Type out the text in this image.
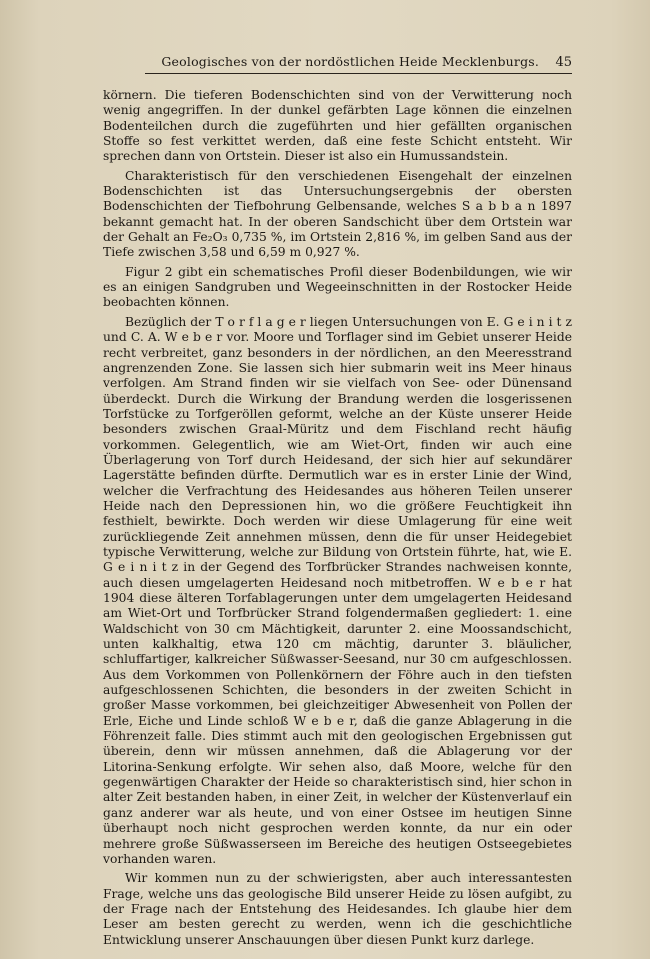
Geologisches von der nordöstlichen Heide Mecklenburgs.	45

körnern. Die tieferen Bodenschichten sind von der Verwitterung noch wenig angegriffen. In der dunkel gefärbten Lage können die einzelnen Bodenteilchen durch die zugeführten und hier gefällten organischen Stoffe so fest verkittet werden, daß eine feste Schicht entsteht. Wir sprechen dann von Ortstein. Dieser ist also ein Humussandstein.

Charakteristisch für den verschiedenen Eisengehalt der einzelnen Bodenschichten ist das Untersuchungsergebnis der obersten Bodenschichten der Tiefbohrung Gelbensande, welches S a b b a n 1897 bekannt gemacht hat. In der oberen Sandschicht über dem Ortstein war der Gehalt an Fe₂O₃ 0,735 %, im Ortstein 2,816 %, im gelben Sand aus der Tiefe zwischen 3,58 und 6,59 m 0,927 %.

Figur 2 gibt ein schematisches Profil dieser Bodenbildungen, wie wir es an einigen Sandgruben und Wegeeinschnitten in der Rostocker Heide beobachten können.

Bezüglich der T o r f l a g e r liegen Untersuchungen von E. G e i n i t z und C. A. W e b e r vor. Moore und Torflager sind im Gebiet unserer Heide recht verbreitet, ganz besonders in der nördlichen, an den Meeresstrand angrenzenden Zone. Sie lassen sich hier submarin weit ins Meer hinaus verfolgen. Am Strand finden wir sie vielfach von See- oder Dünensand überdeckt. Durch die Wirkung der Brandung werden die losgerissenen Torfstücke zu Torfgeröllen geformt, welche an der Küste unserer Heide besonders zwischen Graal-Müritz und dem Fischland recht häufig vorkommen. Gelegentlich, wie am Wiet-Ort, finden wir auch eine Überlagerung von Torf durch Heidesand, der sich hier auf sekundärer Lagerstätte befinden dürfte. Dermutlich war es in erster Linie der Wind, welcher die Verfrachtung des Heidesandes aus höheren Teilen unserer Heide nach den Depressionen hin, wo die größere Feuchtigkeit ihn festhielt, bewirkte. Doch werden wir diese Umlagerung für eine weit zurückliegende Zeit annehmen müssen, denn die für unser Heidegebiet typische Verwitterung, welche zur Bildung von Ortstein führte, hat, wie E. G e i n i t z in der Gegend des Torfbrücker Strandes nachweisen konnte, auch diesen umgelagerten Heidesand noch mitbetroffen. W e b e r hat 1904 diese älteren Torfablagerungen unter dem umgelagerten Heidesand am Wiet-Ort und Torfbrücker Strand folgendermaßen gegliedert: 1. eine Waldschicht von 30 cm Mächtigkeit, darunter 2. eine Moossandschicht, unten kalkhaltig, etwa 120 cm mächtig, darunter 3. bläulicher, schluffartiger, kalkreicher Süßwasser-Seesand, nur 30 cm aufgeschlossen. Aus dem Vorkommen von Pollenkörnern der Föhre auch in den tiefsten aufgeschlossenen Schichten, die besonders in der zweiten Schicht in großer Masse vorkommen, bei gleichzeitiger Abwesenheit von Pollen der Erle, Eiche und Linde schloß W e b e r, daß die ganze Ablagerung in die Föhrenzeit falle. Dies stimmt auch mit den geologischen Ergebnissen gut überein, denn wir müssen annehmen, daß die Ablagerung vor der Litorina-Senkung erfolgte. Wir sehen also, daß Moore, welche für den gegenwärtigen Charakter der Heide so charakteristisch sind, hier schon in alter Zeit bestanden haben, in einer Zeit, in welcher der Küstenverlauf ein ganz anderer war als heute, und von einer Ostsee im heutigen Sinne überhaupt noch nicht gesprochen werden konnte, da nur ein oder mehrere große Süßwasserseen im Bereiche des heutigen Ostseegebietes vorhanden waren.

Wir kommen nun zu der schwierigsten, aber auch interessantesten Frage, welche uns das geologische Bild unserer Heide zu lösen aufgibt, zu der Frage nach der Entstehung des Heidesandes. Ich glaube hier dem Leser am besten gerecht zu werden, wenn ich die geschichtliche Entwicklung unserer Anschauungen über diesen Punkt kurz darlege.
